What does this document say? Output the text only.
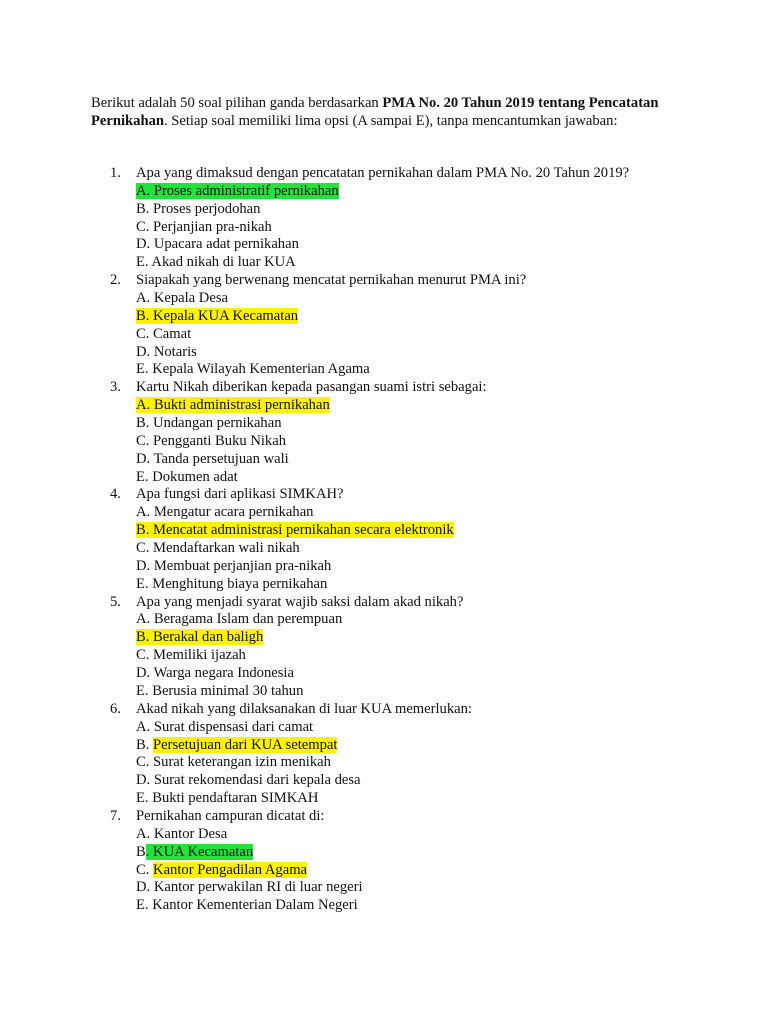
Berikut adalah 50 soal pilihan ganda berdasarkan PMA No. 20 Tahun 2019 tentang Pencatatan Pernikahan. Setiap soal memiliki lima opsi (A sampai E), tanpa mencantumkan jawaban:

1.	Apa yang dimaksud dengan pencatatan pernikahan dalam PMA No. 20 Tahun 2019?
A. Proses administratif pernikahan
B. Proses perjodohan
C. Perjanjian pra-nikah
D. Upacara adat pernikahan
E. Akad nikah di luar KUA
2.	Siapakah yang berwenang mencatat pernikahan menurut PMA ini?
A. Kepala Desa
B. Kepala KUA Kecamatan
C. Camat
D. Notaris
E. Kepala Wilayah Kementerian Agama
3.	Kartu Nikah diberikan kepada pasangan suami istri sebagai:
A. Bukti administrasi pernikahan
B. Undangan pernikahan
C. Pengganti Buku Nikah
D. Tanda persetujuan wali
E. Dokumen adat
4.	Apa fungsi dari aplikasi SIMKAH?
A. Mengatur acara pernikahan
B. Mencatat administrasi pernikahan secara elektronik
C. Mendaftarkan wali nikah
D. Membuat perjanjian pra-nikah
E. Menghitung biaya pernikahan
5.	Apa yang menjadi syarat wajib saksi dalam akad nikah?
A. Beragama Islam dan perempuan
B. Berakal dan baligh
C. Memiliki ijazah
D. Warga negara Indonesia
E. Berusia minimal 30 tahun
6.	Akad nikah yang dilaksanakan di luar KUA memerlukan:
A. Surat dispensasi dari camat
B. Persetujuan dari KUA setempat
C. Surat keterangan izin menikah
D. Surat rekomendasi dari kepala desa
E. Bukti pendaftaran SIMKAH
7.	Pernikahan campuran dicatat di:
A. Kantor Desa
B. KUA Kecamatan
C. Kantor Pengadilan Agama
D. Kantor perwakilan RI di luar negeri
E. Kantor Kementerian Dalam Negeri
